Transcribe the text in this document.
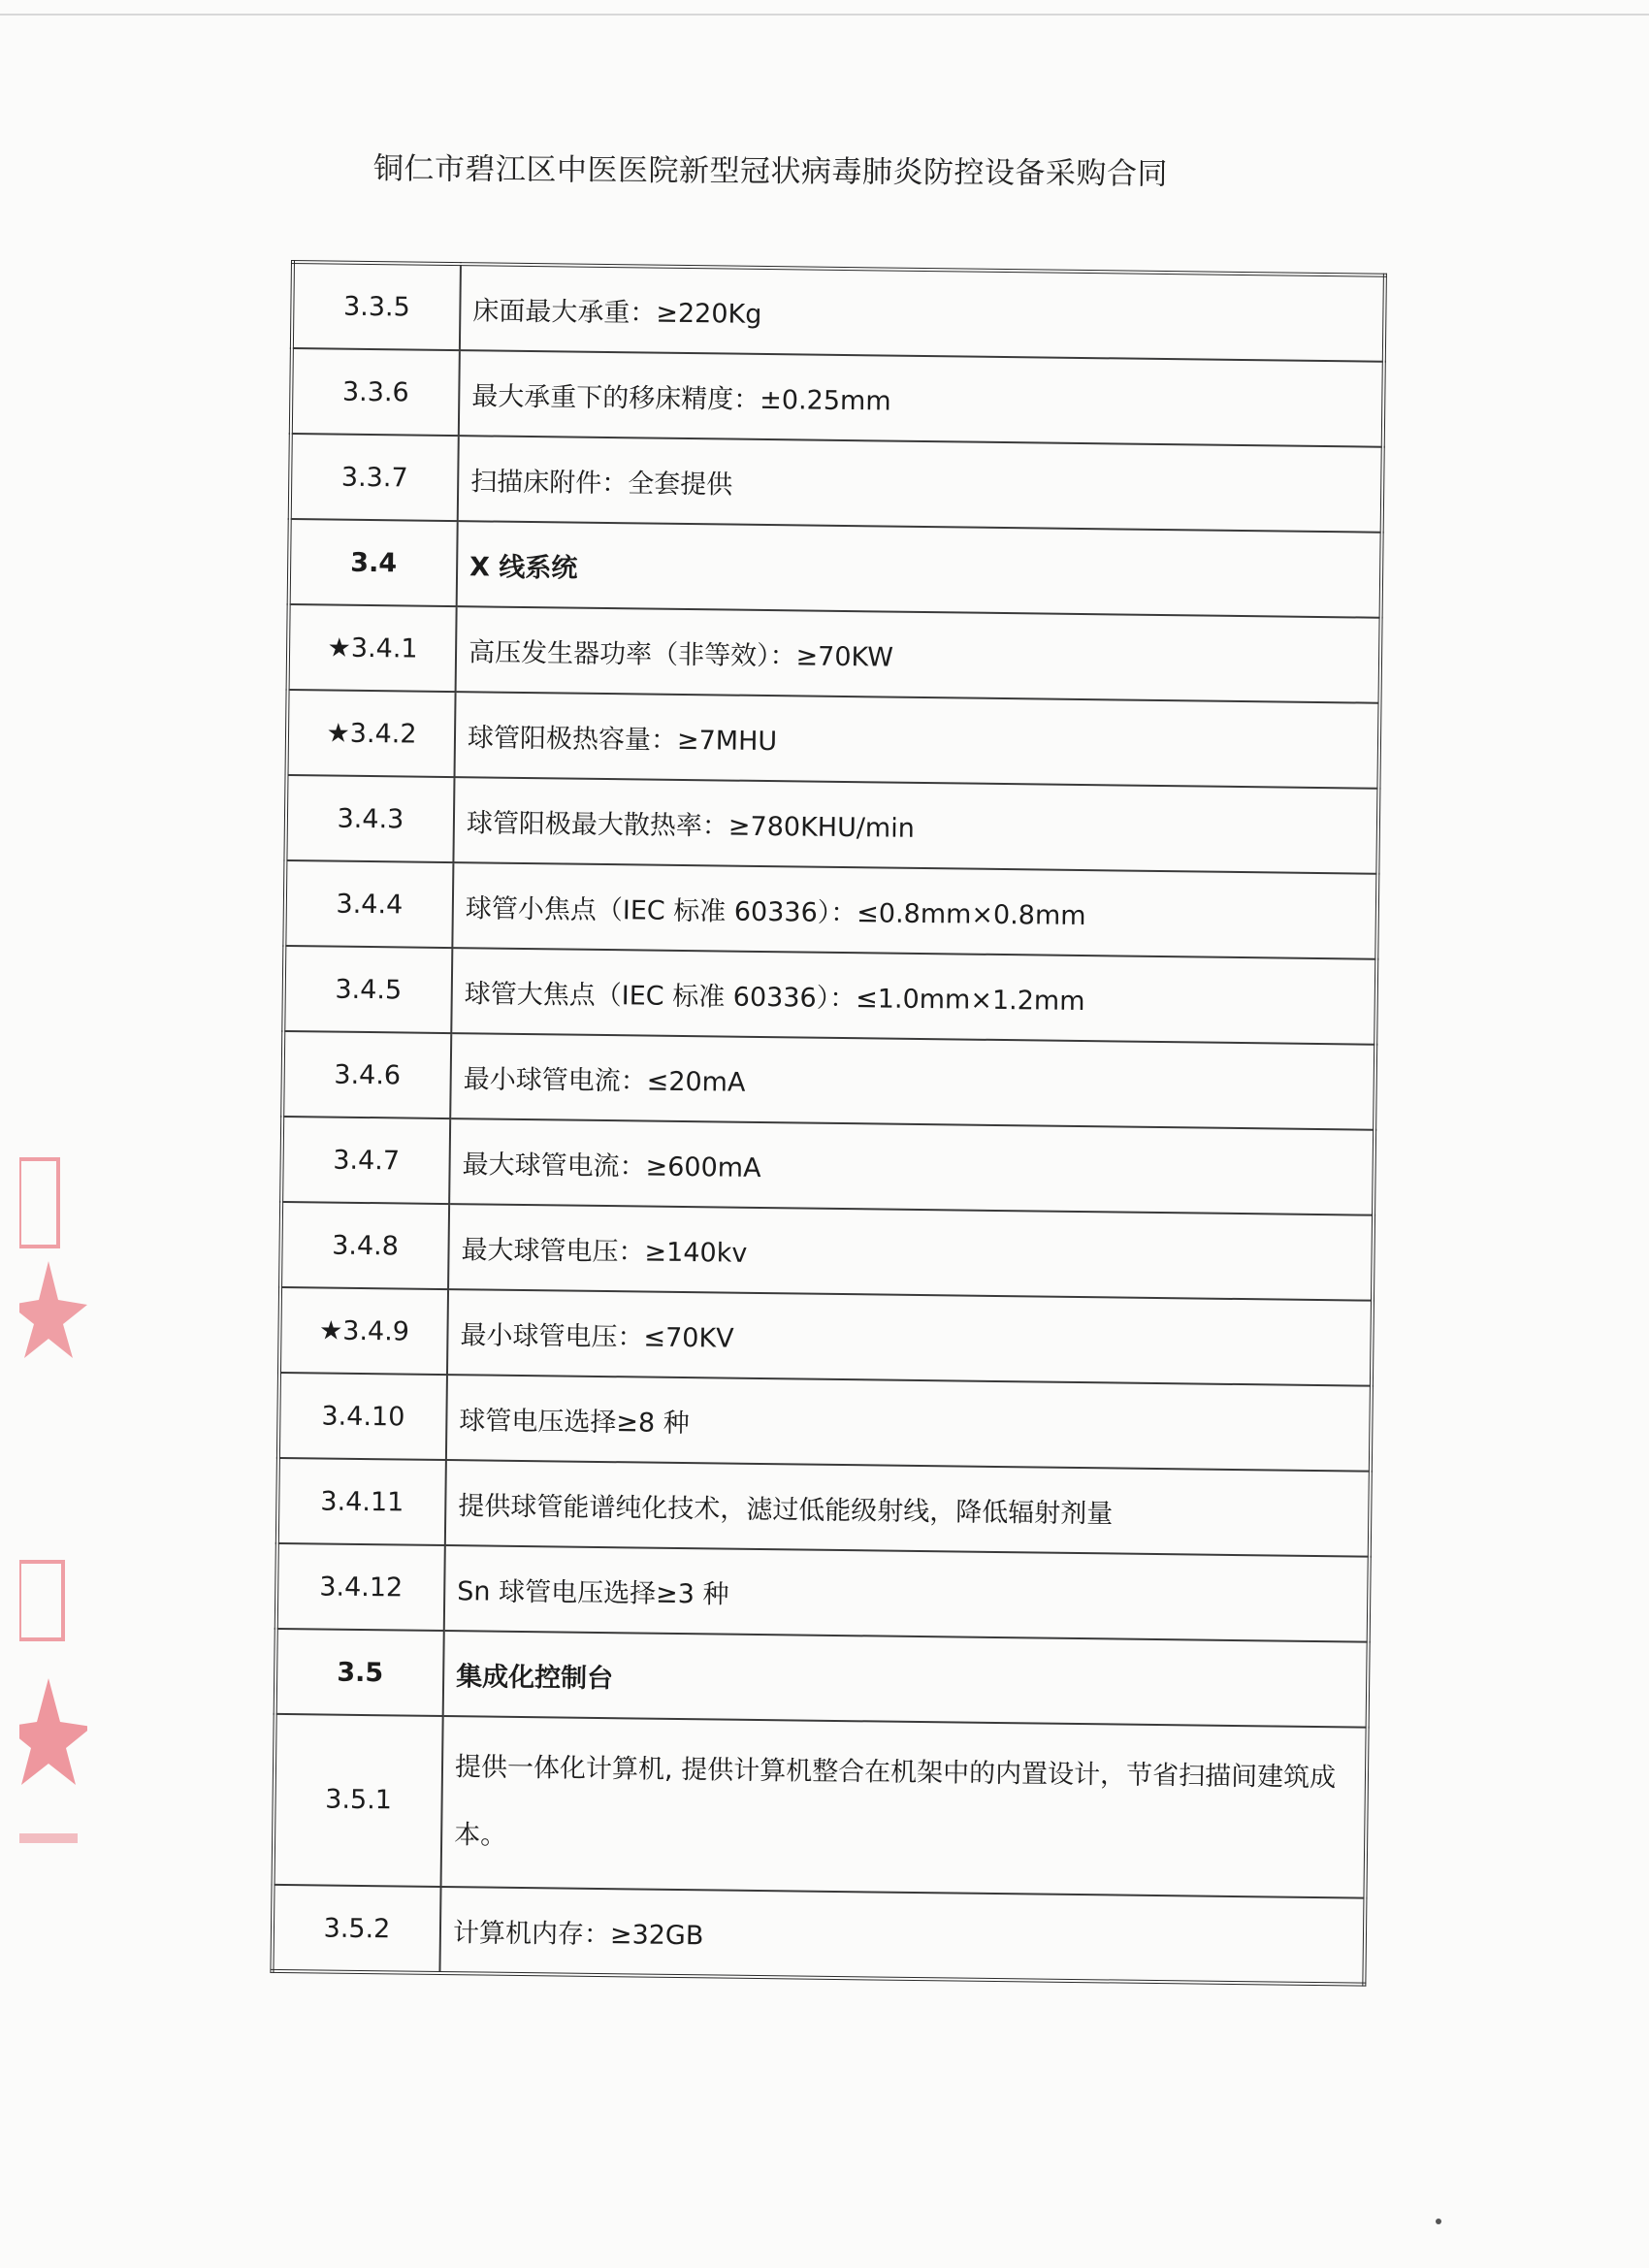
铜仁市碧江区中医医院新型冠状病毒肺炎防控设备采购合同
3.3.5	床面最大承重：≥220Kg
3.3.6	最大承重下的移床精度：±0.25mm
3.3.7	扫描床附件：全套提供
3.4	X 线系统
★3.4.1	高压发生器功率（非等效）：≥70KW
★3.4.2	球管阳极热容量：≥7MHU
3.4.3	球管阳极最大散热率：≥780KHU/min
3.4.4	球管小焦点（IEC 标准 60336）：≤0.8mm×0.8mm
3.4.5	球管大焦点（IEC 标准 60336）：≤1.0mm×1.2mm
3.4.6	最小球管电流：≤20mA
3.4.7	最大球管电流：≥600mA
3.4.8	最大球管电压：≥140kv
★3.4.9	最小球管电压：≤70KV
3.4.10	球管电压选择≥8 种
3.4.11	提供球管能谱纯化技术，滤过低能级射线，降低辐射剂量
3.4.12	Sn 球管电压选择≥3 种
3.5	集成化控制台
3.5.1	提供一体化计算机, 提供计算机整合在机架中的内置设计，节省扫描间建筑成本。
3.5.2	计算机内存：≥32GB
